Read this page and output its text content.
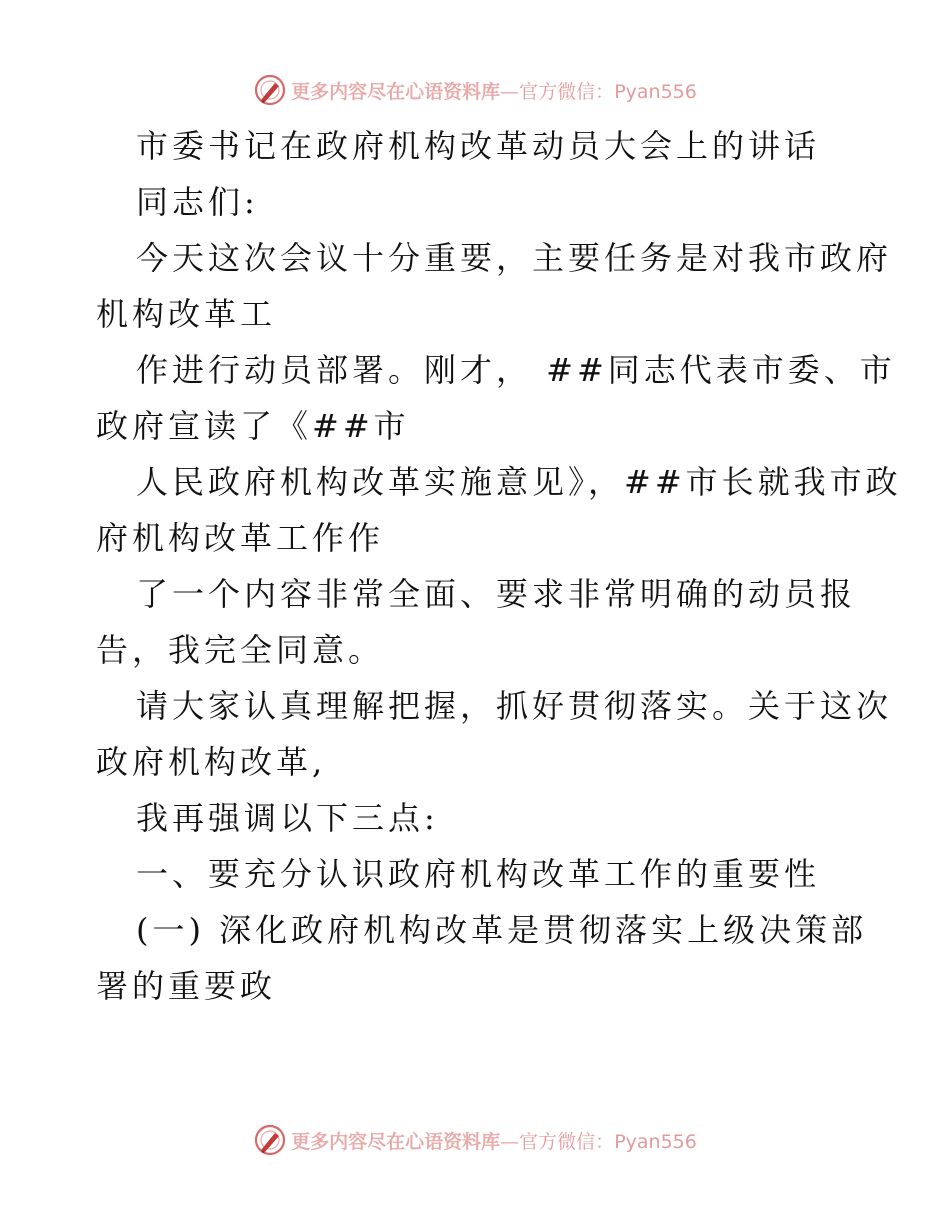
更多内容尽在心语资料库—官方微信：Pyan556
市委书记在政府机构改革动员大会上的讲话
同志们:
今天这次会议十分重要，主要任务是对我市政府
机构改革工
作进行动员部署。刚才， ##同志代表市委、市
政府宣读了《##市
人民政府机构改革实施意见》，##市长就我市政
府机构改革工作作
了一个内容非常全面、要求非常明确的动员报
告，我完全同意。
请大家认真理解把握，抓好贯彻落实。关于这次
政府机构改革,
我再强调以下三点:
一、要充分认识政府机构改革工作的重要性
(一) 深化政府机构改革是贯彻落实上级决策部
署的重要政
更多内容尽在心语资料库—官方微信：Pyan556
